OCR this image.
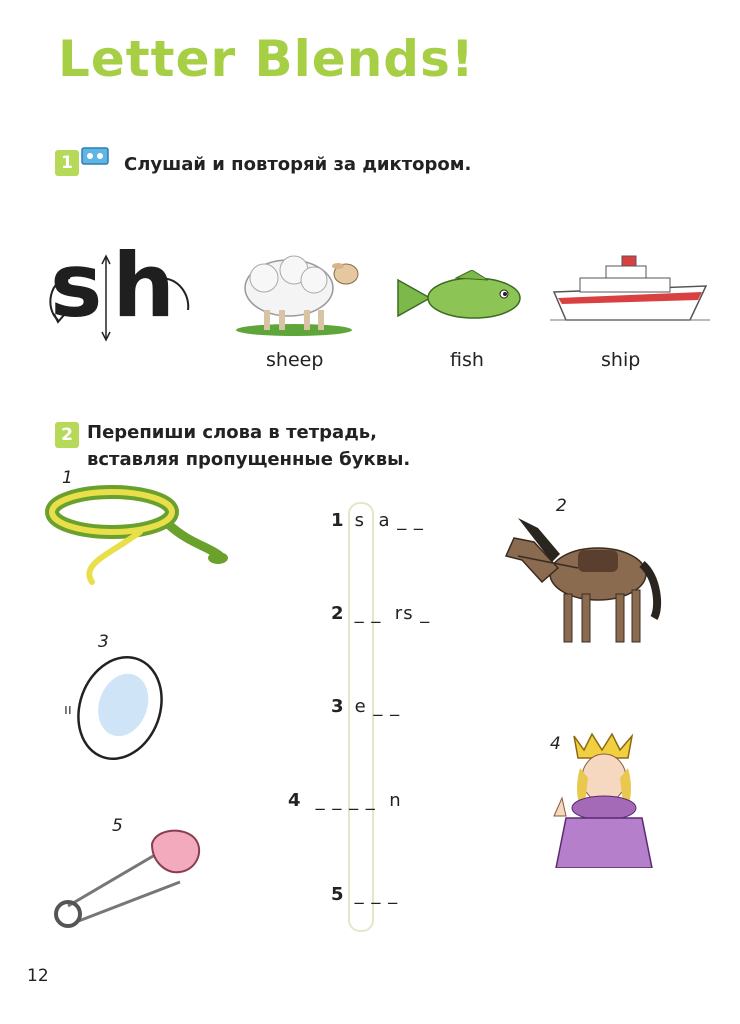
Letter Blends!
1	Слушай и повторяй за диктором.
sh
sheep	fish	ship
2 Перепиши слова в тетрадь,
вставляя пропущенные буквы.
1
2
3
4
5
ıı
1 s  a _ _
2 _ _  rs _
3 e _ _
4 _ _ _ _  n
5 _ _ _
12
